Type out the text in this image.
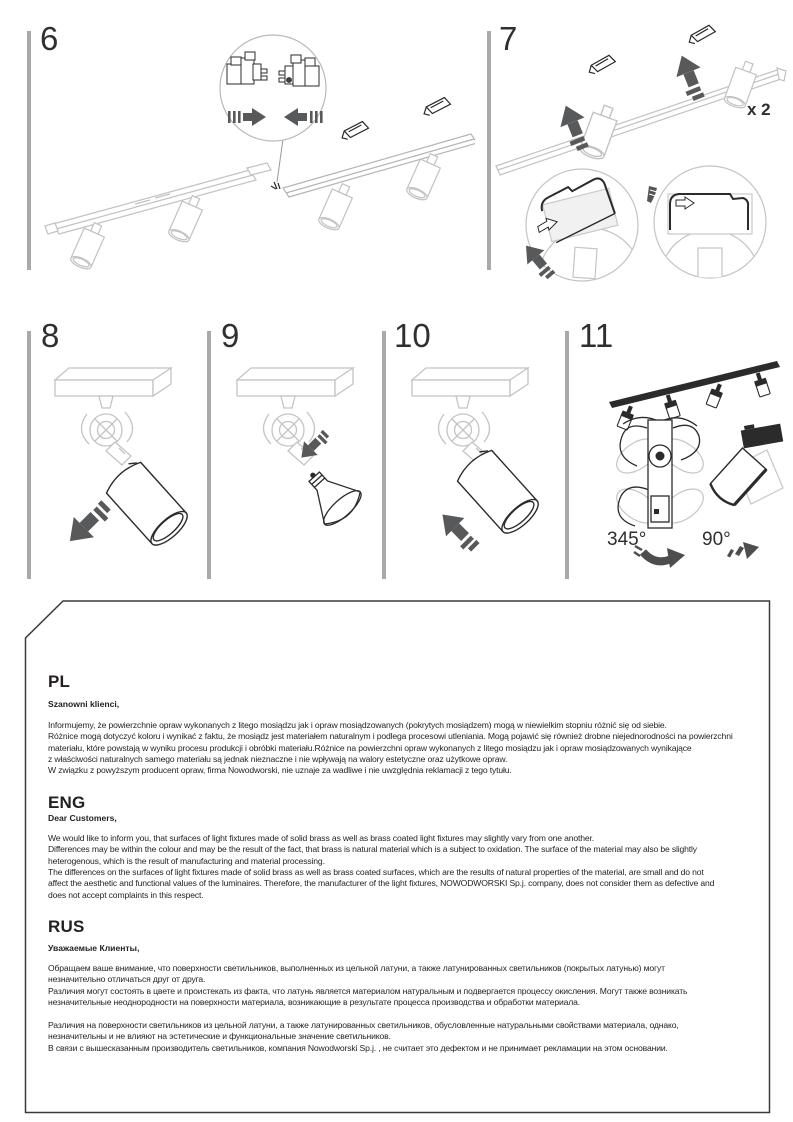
6	7
x 2
8	9	10	11
345°	90°
PL
Szanowni klienci,
Informujemy, że powierzchnie opraw wykonanych z litego mosiądzu jak i opraw mosiądzowanych (pokrytych mosiądzem) mogą w niewielkim stopniu różnić się od siebie.
Różnice mogą dotyczyć koloru i wynikać z faktu, że mosiądz jest materiałem naturalnym i podlega procesowi utleniania. Mogą pojawić się również drobne niejednorodności na powierzchni
materiału, które powstają w wyniku procesu produkcji i obróbki materiału.Różnice na powierzchni opraw wykonanych z litego mosiądzu jak i opraw mosiądzowanych wynikające
z właściwości naturalnych samego materiału są jednak nieznaczne i nie wpływają na walory estetyczne oraz użytkowe opraw.
W związku z powyższym producent opraw, firma Nowodworski, nie uznaje za wadliwe i nie uwzględnia reklamacji z tego tytułu.
ENG
Dear Customers,
We would like to inform you, that surfaces of light fixtures made of solid brass as well as brass coated light fixtures may slightly vary from one another.
Differences may be within the colour and may be the result of the fact, that brass is natural material which is a subject to oxidation. The surface of the material may also be slightly
heterogenous, which is the result of manufacturing and material processing.
The differences on the surfaces of light fixtures made of solid brass as well as brass coated surfaces, which are the results of natural properties of the material, are small and do not
affect the aesthetic and functional values of the luminaires. Therefore, the manufacturer of the light fixtures, NOWODWORSKI Sp.j. company, does not consider them as defective and
does not accept complaints in this respect.
RUS
Уважаемые Клиенты,
Обращаем ваше внимание, что поверхности светильников, выполненных из цельной латуни, а также латунированных светильников (покрытых латунью) могут
незначительно отличаться друг от друга.
Различия могут состоять в цвете и проистекать из факта, что латунь является материалом натуральным и подвергается процессу окисления. Могут также возникать
незначительные неоднородности на поверхности материала, возникающие в результате процесса производства и обработки материала.
Различия на поверхности светильников из цельной латуни, а также латунированных светильников, обусловленные натуральными свойствами материала, однако,
незначительны и не влияют на эстетические и функциональные значение светильников.
В связи с вышесказанным производитель светильников, компания Nowodworski Sp.j. , не считает это дефектом и не принимает рекламации на этом основании.
